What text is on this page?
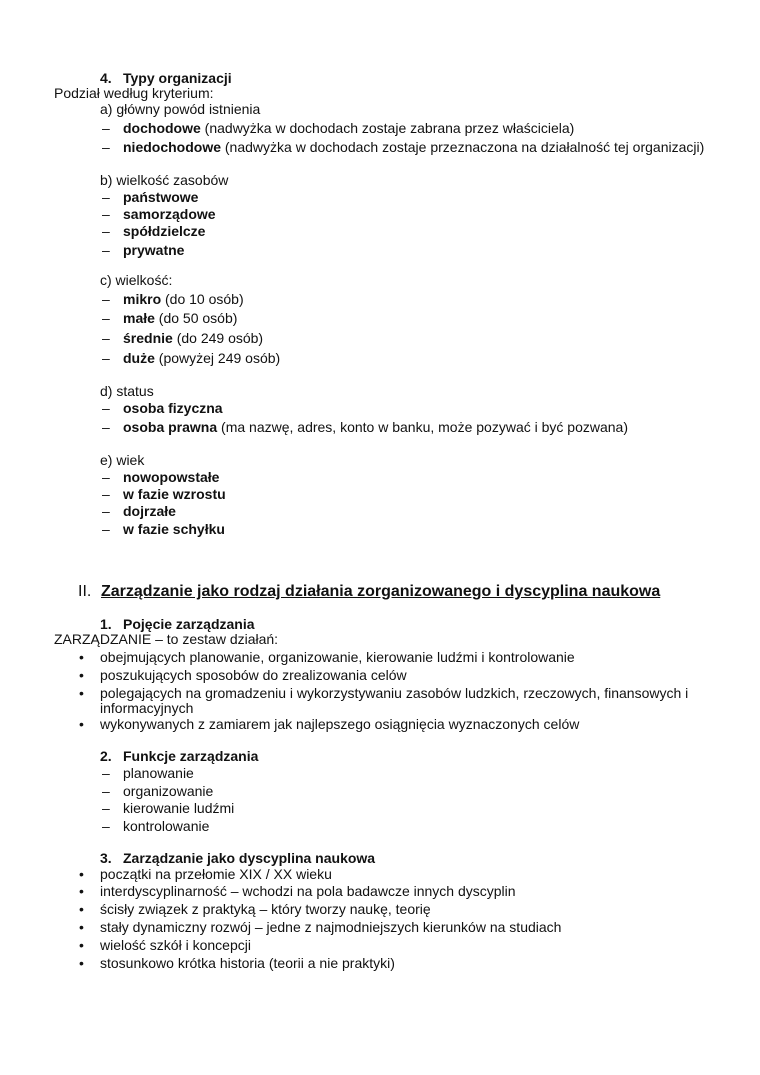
4. Typy organizacji
Podział według kryterium:
a) główny powód istnienia
– dochodowe (nadwyżka w dochodach zostaje zabrana przez właściciela)
– niedochodowe (nadwyżka w dochodach zostaje przeznaczona na działalność tej organizacji)
b) wielkość zasobów
– państwowe
– samorządowe
– spółdzielcze
– prywatne
c) wielkość:
– mikro (do 10 osób)
– małe (do 50 osób)
– średnie (do 249 osób)
– duże (powyżej 249 osób)
d) status
– osoba fizyczna
– osoba prawna (ma nazwę, adres, konto w banku, może pozywać i być pozwana)
e) wiek
– nowopowstałe
– w fazie wzrostu
– dojrzałe
– w fazie schyłku
II. Zarządzanie jako rodzaj działania zorganizowanego i dyscyplina naukowa
1. Pojęcie zarządzania
ZARZĄDZANIE – to zestaw działań:
• obejmujących planowanie, organizowanie, kierowanie ludźmi i kontrolowanie
• poszukujących sposobów do zrealizowania celów
• polegających na gromadzeniu i wykorzystywaniu zasobów ludzkich, rzeczowych, finansowych i
informacyjnych
• wykonywanych z zamiarem jak najlepszego osiągnięcia wyznaczonych celów
2. Funkcje zarządzania
– planowanie
– organizowanie
– kierowanie ludźmi
– kontrolowanie
3. Zarządzanie jako dyscyplina naukowa
• początki na przełomie XIX / XX wieku
• interdyscyplinarność – wchodzi na pola badawcze innych dyscyplin
• ścisły związek z praktyką – który tworzy naukę, teorię
• stały dynamiczny rozwój – jedne z najmodniejszych kierunków na studiach
• wielość szkół i koncepcji
• stosunkowo krótka historia (teorii a nie praktyki)
